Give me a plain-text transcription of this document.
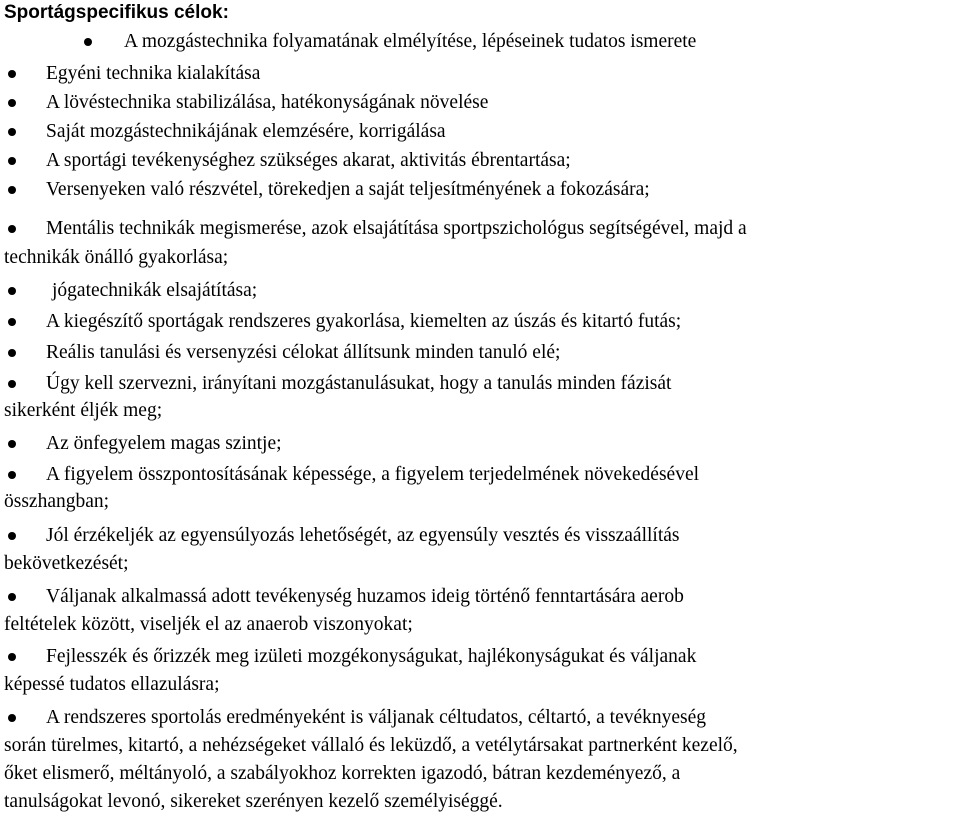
Sportágspecifikus célok:
A mozgástechnika folyamatának elmélyítése, lépéseinek tudatos ismerete
Egyéni technika kialakítása
A lövéstechnika stabilizálása, hatékonyságának növelése
Saját mozgástechnikájának elemzésére, korrigálása
A sportági tevékenységhez szükséges akarat, aktivitás ébrentartása;
Versenyeken való részvétel, törekedjen a saját teljesítményének a fokozására;
Mentális technikák megismerése, azok elsajátítása sportpszichológus segítségével, majd a
technikák önálló gyakorlása;
jógatechnikák elsajátítása;
A kiegészítő sportágak rendszeres gyakorlása, kiemelten az úszás és kitartó futás;
Reális tanulási és versenyzési célokat állítsunk minden tanuló elé;
Úgy kell szervezni, irányítani mozgástanulásukat, hogy a tanulás minden fázisát
sikerként éljék meg;
Az önfegyelem magas szintje;
A figyelem összpontosításának képessége, a figyelem terjedelmének növekedésével
összhangban;
Jól érzékeljék az egyensúlyozás lehetőségét, az egyensúly vesztés és visszaállítás
bekövetkezését;
Váljanak alkalmassá adott tevékenység huzamos ideig történő fenntartására aerob
feltételek között, viseljék el az anaerob viszonyokat;
Fejlesszék és őrizzék meg izületi mozgékonyságukat, hajlékonyságukat és váljanak
képessé tudatos ellazulásra;
A rendszeres sportolás eredményeként is váljanak céltudatos, céltartó, a tevéknyeség
során türelmes, kitartó, a nehézségeket vállaló és leküzdő, a vetélytársakat partnerként kezelő,
őket elismerő, méltányoló, a szabályokhoz korrekten igazodó, bátran kezdeményező, a
tanulságokat levonó, sikereket szerényen kezelő személyiséggé.
